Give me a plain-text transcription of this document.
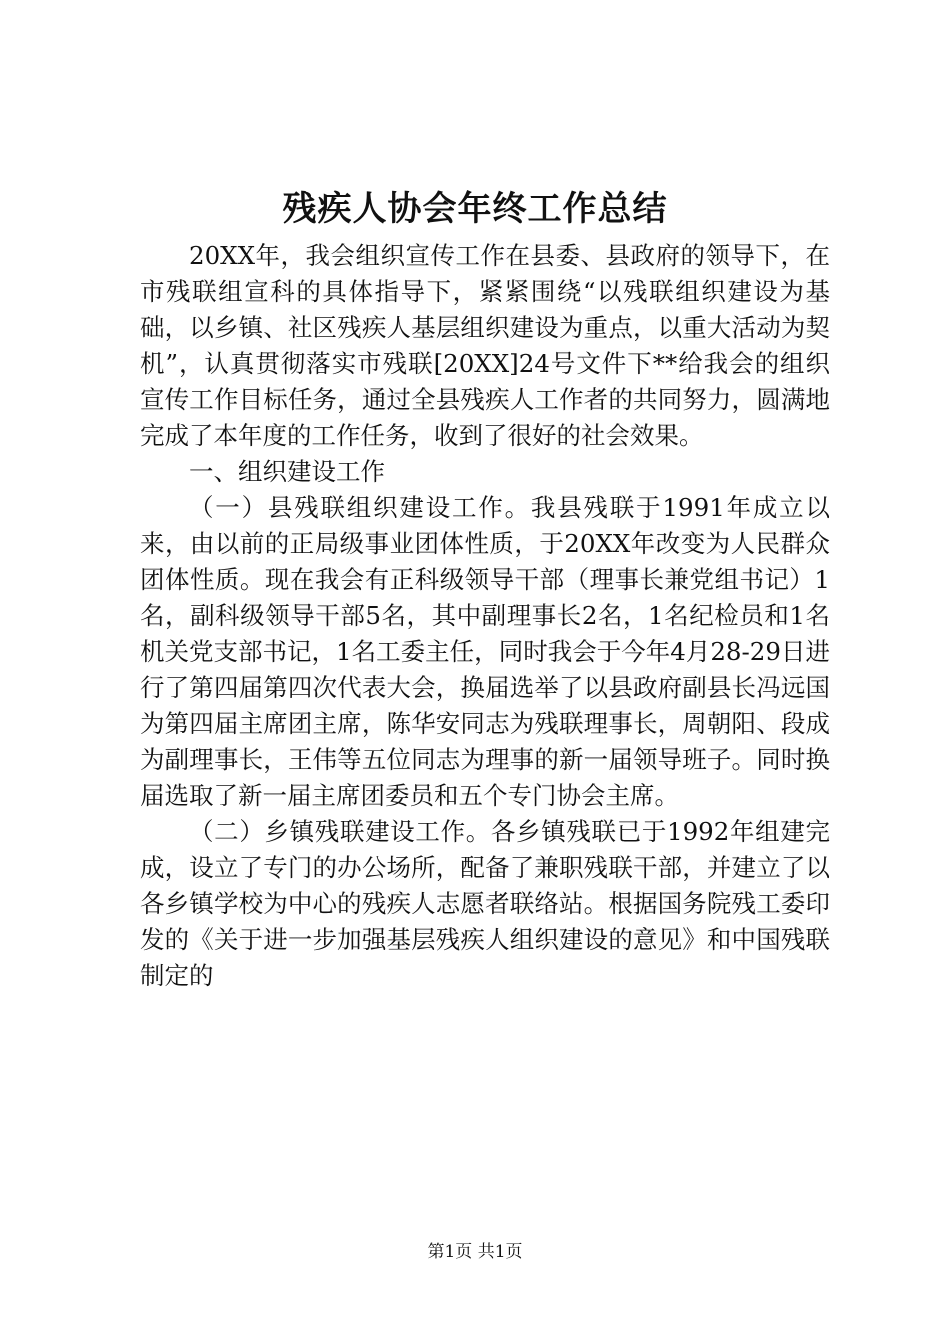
残疾人协会年终工作总结

20XX年，我会组织宣传工作在县委、县政府的领导下，在市残联组宣科的具体指导下，紧紧围绕“以残联组织建设为基础，以乡镇、社区残疾人基层组织建设为重点，以重大活动为契机”，认真贯彻落实市残联[20XX]24号文件下**给我会的组织宣传工作目标任务，通过全县残疾人工作者的共同努力，圆满地完成了本年度的工作任务，收到了很好的社会效果。

一、组织建设工作

（一）县残联组织建设工作。我县残联于1991年成立以来，由以前的正局级事业团体性质，于20XX年改变为人民群众团体性质。现在我会有正科级领导干部（理事长兼党组书记）1名，副科级领导干部5名，其中副理事长2名，1名纪检员和1名机关党支部书记，1名工委主任，同时我会于今年4月28-29日进行了第四届第四次代表大会，换届选举了以县政府副县长冯远国为第四届主席团主席，陈华安同志为残联理事长，周朝阳、段成为副理事长，王伟等五位同志为理事的新一届领导班子。同时换届选取了新一届主席团委员和五个专门协会主席。

（二）乡镇残联建设工作。各乡镇残联已于1992年组建完成，设立了专门的办公场所，配备了兼职残联干部，并建立了以各乡镇学校为中心的残疾人志愿者联络站。根据国务院残工委印发的《关于进一步加强基层残疾人组织建设的意见》和中国残联制定的

第1页 共1页
